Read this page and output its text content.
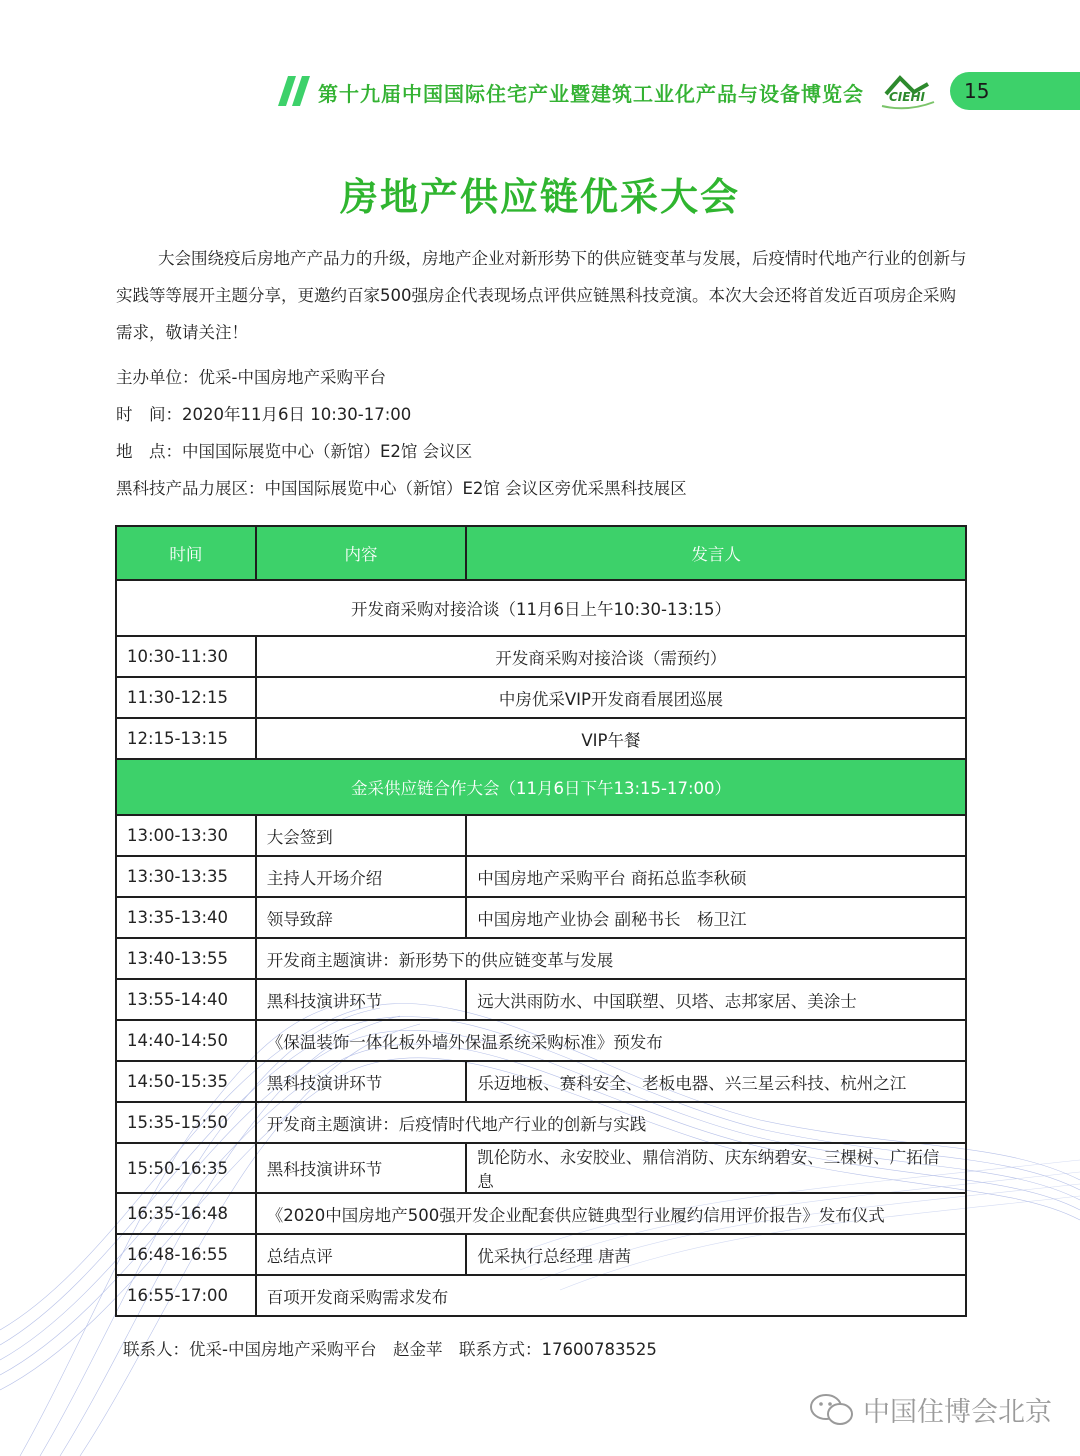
第十九届中国国际住宅产业暨建筑工业化产品与设备博览会 CIEHI 15
房地产供应链优采大会
大会围绕疫后房地产产品力的升级，房地产企业对新形势下的供应链变革与发展，后疫情时代地产行业的创新与实践等等展开主题分享，更邀约百家500强房企代表现场点评供应链黑科技竞演。本次大会还将首发近百项房企采购需求，敬请关注！
主办单位：优采-中国房地产采购平台
时　间：2020年11月6日 10:30-17:00
地　点：中国国际展览中心（新馆）E2馆 会议区
黑科技产品力展区：中国国际展览中心（新馆）E2馆 会议区旁优采黑科技展区
时间	内容	发言人
开发商采购对接洽谈（11月6日上午10:30-13:15）		
10:30-11:30	开发商采购对接洽谈（需预约）	
11:30-12:15	中房优采VIP开发商看展团巡展	
12:15-13:15	VIP午餐	
金采供应链合作大会（11月6日下午13:15-17:00）		
13:00-13:30	大会签到	
13:30-13:35	主持人开场介绍	中国房地产采购平台 商拓总监李秋硕
13:35-13:40	领导致辞	中国房地产业协会 副秘书长　杨卫江
13:40-13:55	开发商主题演讲：新形势下的供应链变革与发展	
13:55-14:40	黑科技演讲环节	远大洪雨防水、中国联塑、贝塔、志邦家居、美涂士
14:40-14:50	《保温装饰一体化板外墙外保温系统采购标准》预发布	
14:50-15:35	黑科技演讲环节	乐迈地板、赛科安全、老板电器、兴三星云科技、杭州之江
15:35-15:50	开发商主题演讲：后疫情时代地产行业的创新与实践	
15:50-16:35	黑科技演讲环节	凯伦防水、永安胶业、鼎信消防、庆东纳碧安、三棵树、广拓信息
16:35-16:48	《2020中国房地产500强开发企业配套供应链典型行业履约信用评价报告》发布仪式	
16:48-16:55	总结点评	优采执行总经理 唐茜
16:55-17:00	百项开发商采购需求发布	
联系人：优采-中国房地产采购平台　赵金苹　联系方式：17600783525
中国住博会北京
